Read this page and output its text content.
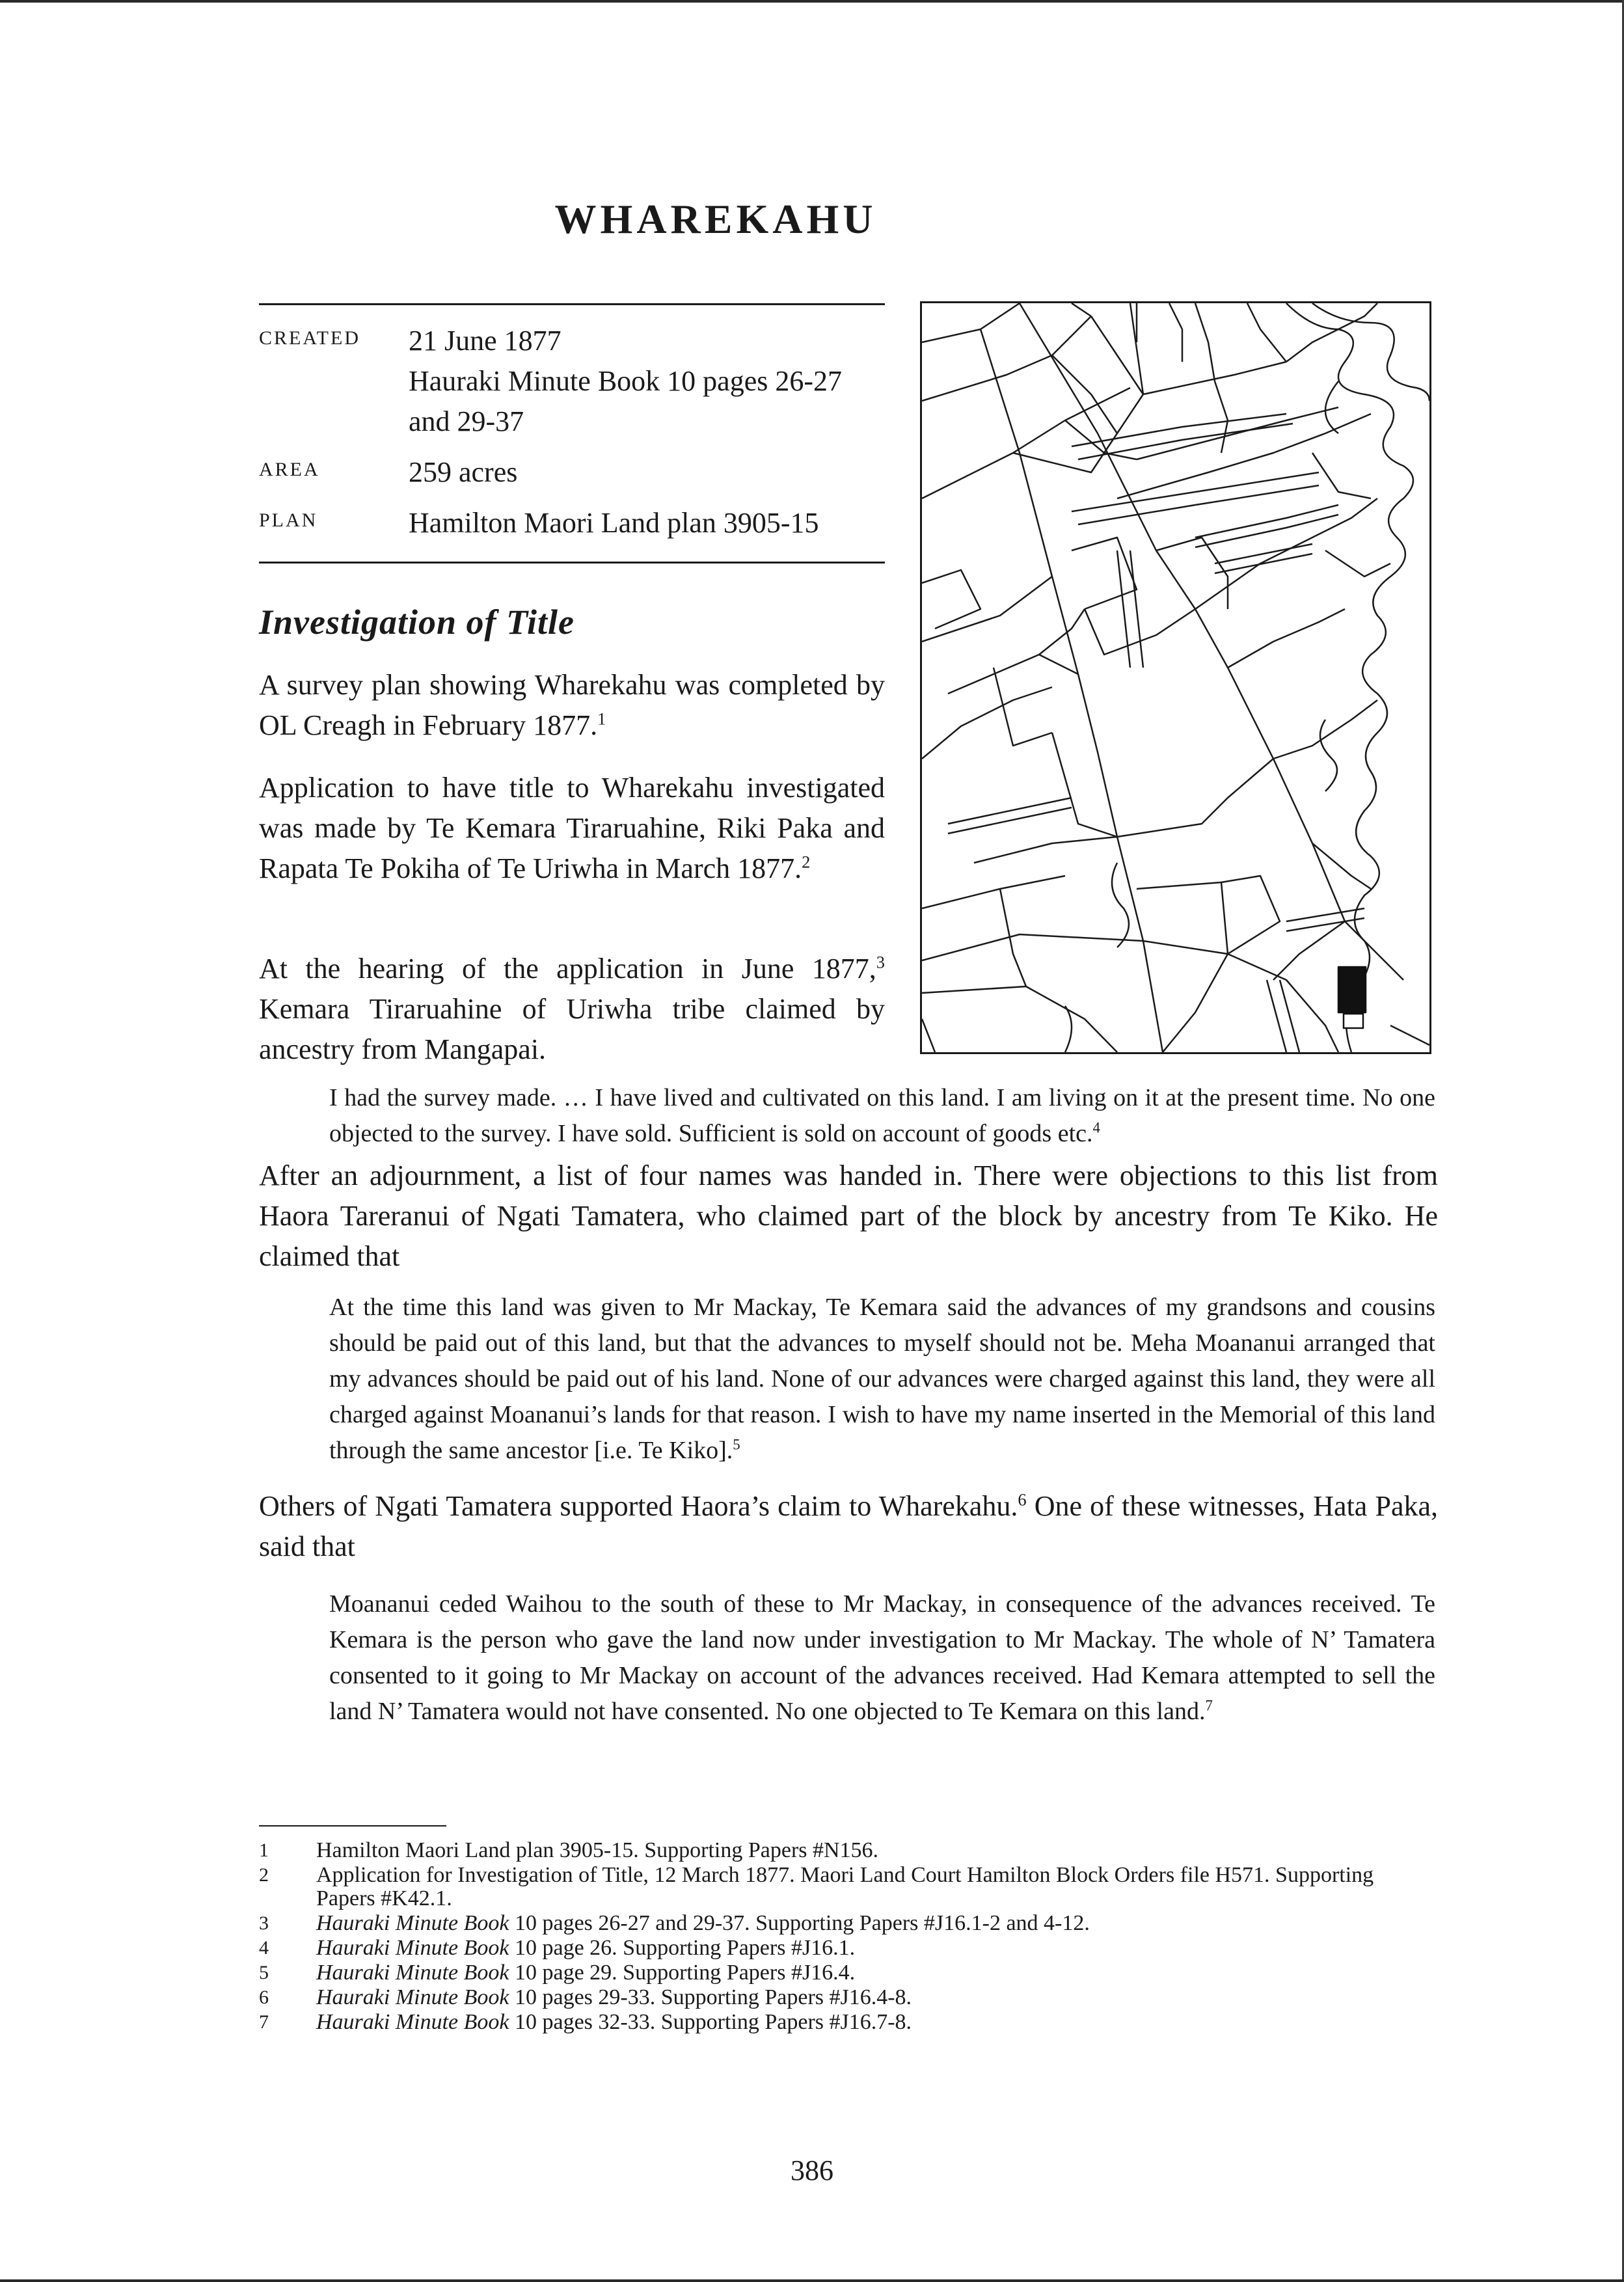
WHAREKAHU
CREATED	21 June 1877
Hauraki Minute Book 10 pages 26-27
and 29-37

AREA	259 acres

PLAN	Hamilton Maori Land plan 3905-15
Investigation of Title

A survey plan showing Wharekahu was completed by OL Creagh in February 1877.$^1$

Application to have title to Wharekahu investigated was made by Te Kemara Tiraruahine, Riki Paka and Rapata Te Pokiha of Te Uriwha in March 1877.$^2$

At the hearing of the application in June 1877,$^3$ Kemara Tiraruahine of Uriwha tribe claimed by ancestry from Mangapai.

I had the survey made. … I have lived and cultivated on this land. I am living on it at the present time. No one objected to the survey. I have sold. Sufficient is sold on account of goods etc.$^4$

After an adjournment, a list of four names was handed in. There were objections to this list from Haora Tareranui of Ngati Tamatera, who claimed part of the block by ancestry from Te Kiko. He claimed that

At the time this land was given to Mr Mackay, Te Kemara said the advances of my grandsons and cousins should be paid out of this land, but that the advances to myself should not be. Meha Moananui arranged that my advances should be paid out of his land. None of our advances were charged against this land, they were all charged against Moananui’s lands for that reason. I wish to have my name inserted in the Memorial of this land through the same ancestor [i.e. Te Kiko].$^5$

Others of Ngati Tamatera supported Haora’s claim to Wharekahu.$^6$ One of these witnesses, Hata Paka, said that

Moananui ceded Waihou to the south of these to Mr Mackay, in consequence of the advances received. Te Kemara is the person who gave the land now under investigation to Mr Mackay. The whole of N’ Tamatera consented to it going to Mr Mackay on account of the advances received. Had Kemara attempted to sell the land N’ Tamatera would not have consented. No one objected to Te Kemara on this land.$^7$

1	Hamilton Maori Land plan 3905-15. Supporting Papers #N156.
2	Application for Investigation of Title, 12 March 1877. Maori Land Court Hamilton Block Orders file H571. Supporting Papers #K42.1.
3	Hauraki Minute Book 10 pages 26-27 and 29-37. Supporting Papers #J16.1-2 and 4-12.
4	Hauraki Minute Book 10 page 26. Supporting Papers #J16.1.
5	Hauraki Minute Book 10 page 29. Supporting Papers #J16.4.
6	Hauraki Minute Book 10 pages 29-33. Supporting Papers #J16.4-8.
7	Hauraki Minute Book 10 pages 32-33. Supporting Papers #J16.7-8.
386
